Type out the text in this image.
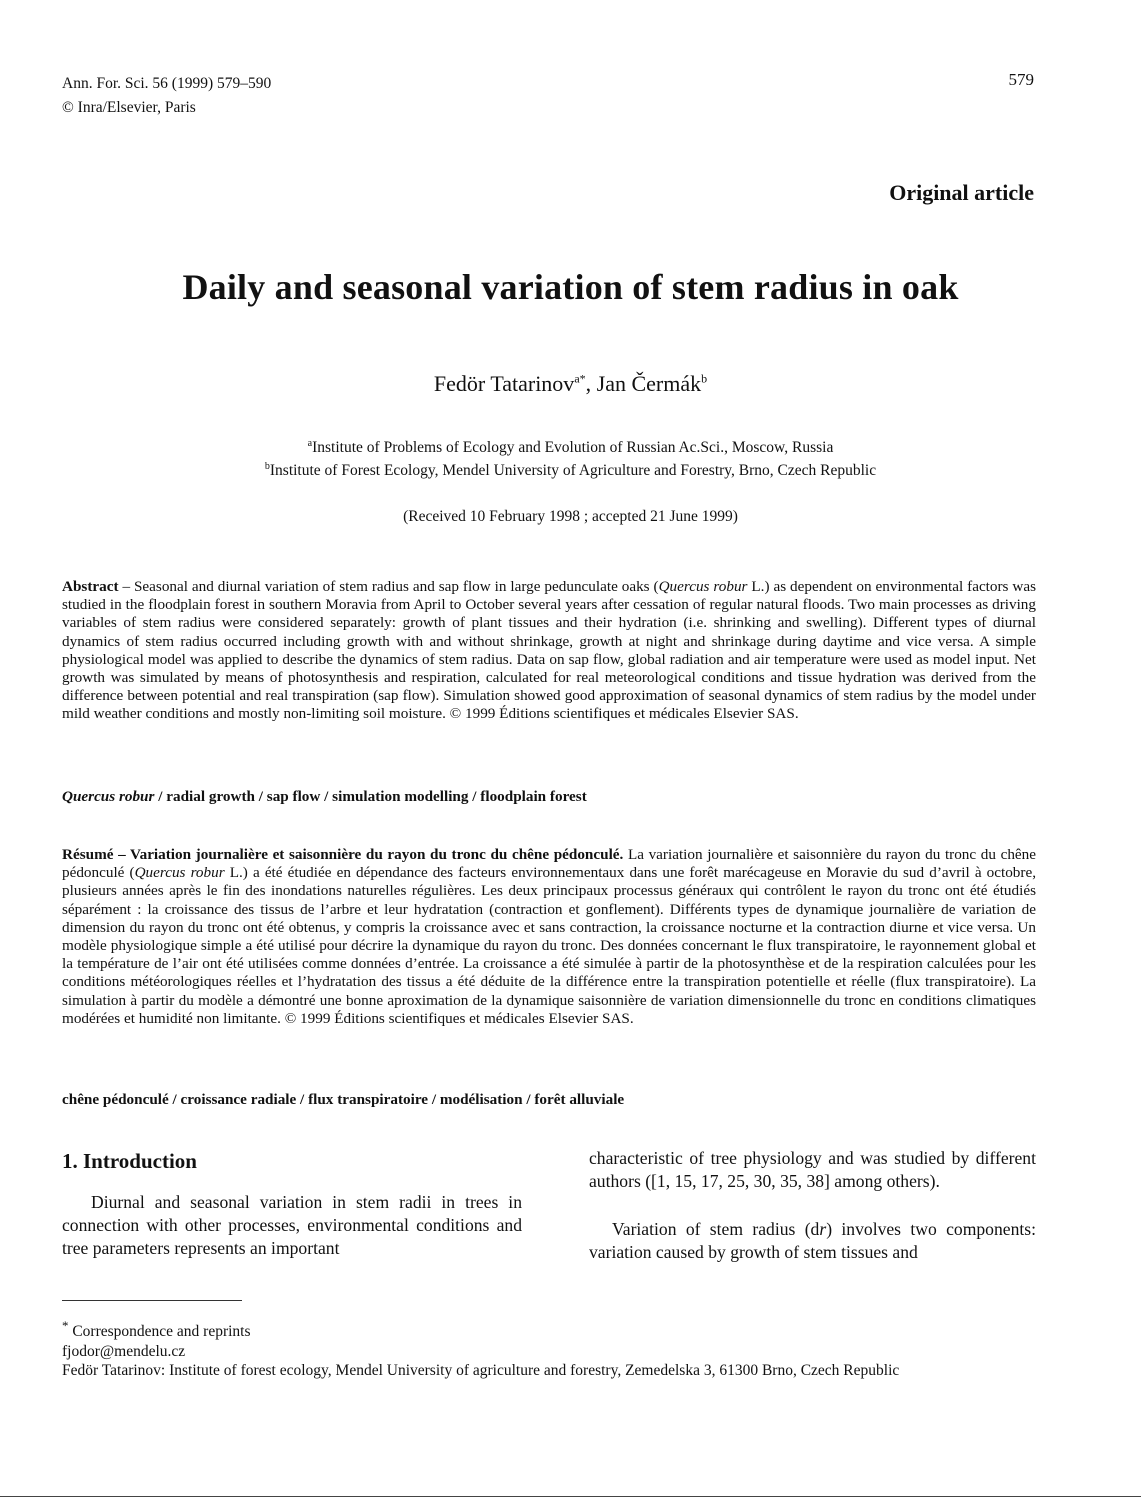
Ann. For. Sci. 56 (1999) 579–590
© Inra/Elsevier, Paris
579
Original article
Daily and seasonal variation of stem radius in oak
Fedör Tatarinov$^{a*}$, Jan Čermák$^b$
$^a$Institute of Problems of Ecology and Evolution of Russian Ac.Sci., Moscow, Russia
$^b$Institute of Forest Ecology, Mendel University of Agriculture and Forestry, Brno, Czech Republic
(Received 10 February 1998 ; accepted 21 June 1999)

Abstract – Seasonal and diurnal variation of stem radius and sap flow in large pedunculate oaks (Quercus robur L.) as dependent on environmental factors was studied in the floodplain forest in southern Moravia from April to October several years after cessation of regular natural floods. Two main processes as driving variables of stem radius were considered separately: growth of plant tissues and their hydration (i.e. shrinking and swelling). Different types of diurnal dynamics of stem radius occurred including growth with and without shrinkage, growth at night and shrinkage during daytime and vice versa. A simple physiological model was applied to describe the dynamics of stem radius. Data on sap flow, global radiation and air temperature were used as model input. Net growth was simulated by means of photosynthesis and respiration, calculated for real meteorological conditions and tissue hydration was derived from the difference between potential and real transpiration (sap flow). Simulation showed good approximation of seasonal dynamics of stem radius by the model under mild weather conditions and mostly non-limiting soil moisture. © 1999 Éditions scientifiques et médicales Elsevier SAS.

Quercus robur / radial growth / sap flow / simulation modelling / floodplain forest

Résumé – Variation journalière et saisonnière du rayon du tronc du chêne pédonculé. La variation journalière et saisonnière du rayon du tronc du chêne pédonculé (Quercus robur L.) a été étudiée en dépendance des facteurs environnementaux dans une forêt marécageuse en Moravie du sud d’avril à octobre, plusieurs années après le fin des inondations naturelles régulières. Les deux principaux processus généraux qui contrôlent le rayon du tronc ont été étudiés séparément : la croissance des tissus de l’arbre et leur hydratation (contraction et gonflement). Différents types de dynamique journalière de variation de dimension du rayon du tronc ont été obtenus, y compris la croissance avec et sans contraction, la croissance nocturne et la contraction diurne et vice versa. Un modèle physiologique simple a été utilisé pour décrire la dynamique du rayon du tronc. Des données concernant le flux transpiratoire, le rayonnement global et la température de l’air ont été utilisées comme données d’entrée. La croissance a été simulée à partir de la photosynthèse et de la respiration calculées pour les conditions météorologiques réelles et l’hydratation des tissus a été déduite de la différence entre la transpiration potentielle et réelle (flux transpiratoire). La simulation à partir du modèle a démontré une bonne aproximation de la dynamique saisonnière de variation dimensionnelle du tronc en conditions climatiques modérées et humidité non limitante. © 1999 Éditions scientifiques et médicales Elsevier SAS.

chêne pédonculé / croissance radiale / flux transpiratoire / modélisation / forêt alluviale
1. Introduction

Diurnal and seasonal variation in stem radii in trees in connection with other processes, environmental conditions and tree parameters represents an important

characteristic of tree physiology and was studied by different authors ([1, 15, 17, 25, 30, 35, 38] among others).

Variation of stem radius (dr) involves two components: variation caused by growth of stem tissues and

* Correspondence and reprints
fjodor@mendelu.cz
Fedör Tatarinov: Institute of forest ecology, Mendel University of agriculture and forestry, Zemedelska 3, 61300 Brno, Czech Republic
